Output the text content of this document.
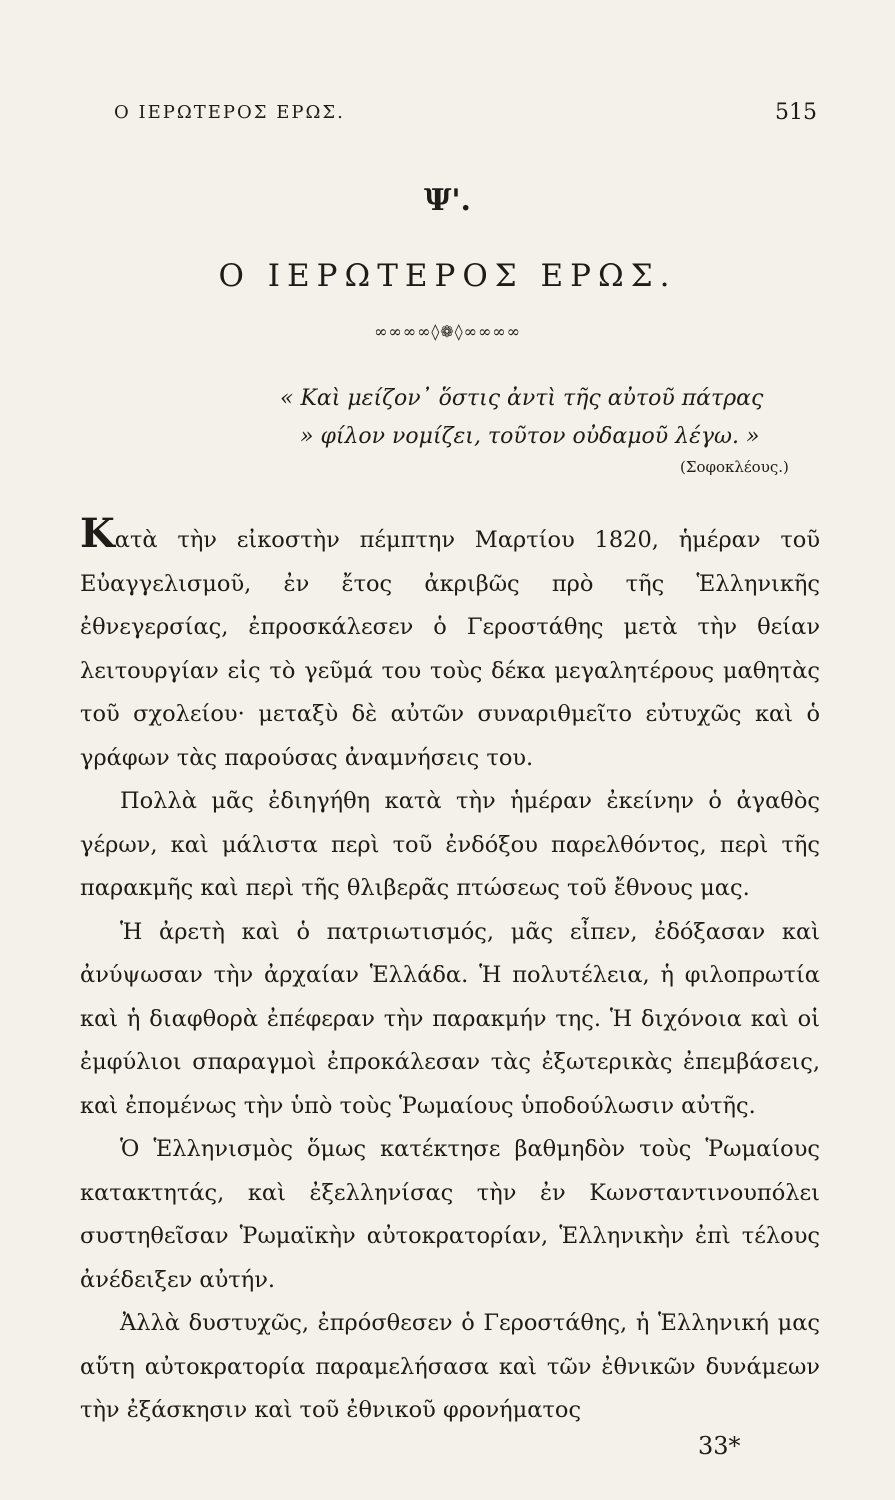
Ο ΙΕΡΩΤΕΡΟΣ ΕΡΩΣ.	515
Ψ'.
Ο ΙΕΡΩΤΕΡΟΣ ΕΡΩΣ.
∞∞∞∞◊❁◊∞∞∞∞
« Καὶ μείζον᾽ ὅστις ἀντὶ τῆς αὐτοῦ πάτρας
» φίλον νομίζει, τοῦτον οὐδαμοῦ λέγω. »
(Σοφοκλέους.)

Κατὰ τὴν εἰκοστὴν πέμπτην Μαρτίου 1820, ἡμέραν τοῦ Εὐαγγελισμοῦ, ἐν ἔτος ἀκριβῶς πρὸ τῆς Ἑλληνικῆς ἐθνεγερσίας, ἐπροσκάλεσεν ὁ Γεροστάθης μετὰ τὴν θείαν λειτουργίαν εἰς τὸ γεῦμά του τοὺς δέκα μεγαλητέρους μαθητὰς τοῦ σχολείου· μεταξὺ δὲ αὐτῶν συναριθμεῖτο εὐτυχῶς καὶ ὁ γράφων τὰς παρούσας ἀναμνήσεις του.

Πολλὰ μᾶς ἐδιηγήθη κατὰ τὴν ἡμέραν ἐκείνην ὁ ἀγαθὸς γέρων, καὶ μάλιστα περὶ τοῦ ἐνδόξου παρελθόντος, περὶ τῆς παρακμῆς καὶ περὶ τῆς θλιβερᾶς πτώσεως τοῦ ἔθνους μας.

Ἡ ἀρετὴ καὶ ὁ πατριωτισμός, μᾶς εἶπεν, ἐδόξασαν καὶ ἀνύψωσαν τὴν ἀρχαίαν Ἑλλάδα. Ἡ πολυτέλεια, ἡ φιλοπρωτία καὶ ἡ διαφθορὰ ἐπέφεραν τὴν παρακμήν της. Ἡ διχόνοια καὶ οἱ ἐμφύλιοι σπαραγμοὶ ἐπροκάλεσαν τὰς ἐξωτερικὰς ἐπεμβάσεις, καὶ ἐπομένως τὴν ὑπὸ τοὺς Ῥωμαίους ὑποδούλωσιν αὐτῆς.

Ὁ Ἑλληνισμὸς ὅμως κατέκτησε βαθμηδὸν τοὺς Ῥωμαίους κατακτητάς, καὶ ἐξελληνίσας τὴν ἐν Κωνσταντινουπόλει συστηθεῖσαν Ῥωμαϊκὴν αὐτοκρατορίαν, Ἑλληνικὴν ἐπὶ τέλους ἀνέδειξεν αὐτήν.

Ἀλλὰ δυστυχῶς, ἐπρόσθεσεν ὁ Γεροστάθης, ἡ Ἑλληνική μας αὕτη αὐτοκρατορία παραμελήσασα καὶ τῶν ἐθνικῶν δυνάμεων τὴν ἐξάσκησιν καὶ τοῦ ἐθνικοῦ φρονήματος

33*
